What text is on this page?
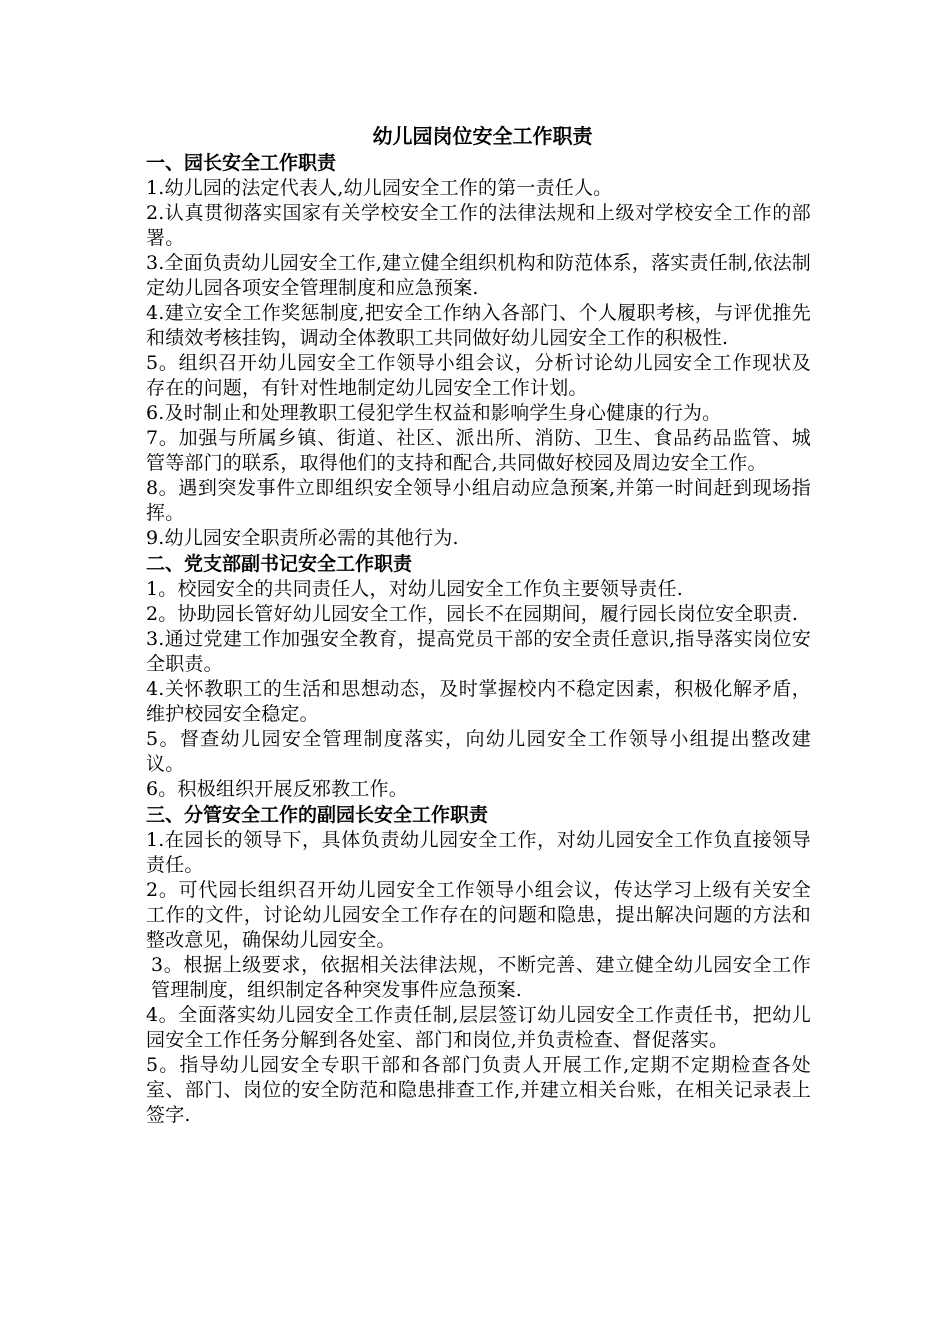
幼儿园岗位安全工作职责
一、园长安全工作职责

1.幼儿园的法定代表人,幼儿园安全工作的第一责任人。

2.认真贯彻落实国家有关学校安全工作的法律法规和上级对学校安全工作的部署。

3.全面负责幼儿园安全工作,建立健全组织机构和防范体系，落实责任制,依法制定幼儿园各项安全管理制度和应急预案.

4.建立安全工作奖惩制度,把安全工作纳入各部门、个人履职考核，与评优推先和绩效考核挂钩，调动全体教职工共同做好幼儿园安全工作的积极性.

5。组织召开幼儿园安全工作领导小组会议，分析讨论幼儿园安全工作现状及存在的问题，有针对性地制定幼儿园安全工作计划。

6.及时制止和处理教职工侵犯学生权益和影响学生身心健康的行为。

7。加强与所属乡镇、街道、社区、派出所、消防、卫生、食品药品监管、城管等部门的联系，取得他们的支持和配合,共同做好校园及周边安全工作。

8。遇到突发事件立即组织安全领导小组启动应急预案,并第一时间赶到现场指挥。

9.幼儿园安全职责所必需的其他行为.

二、党支部副书记安全工作职责

1。校园安全的共同责任人，对幼儿园安全工作负主要领导责任.

2。协助园长管好幼儿园安全工作，园长不在园期间，履行园长岗位安全职责.

3.通过党建工作加强安全教育，提高党员干部的安全责任意识,指导落实岗位安全职责。

4.关怀教职工的生活和思想动态，及时掌握校内不稳定因素，积极化解矛盾，维护校园安全稳定。

5。督查幼儿园安全管理制度落实，向幼儿园安全工作领导小组提出整改建议。

6。积极组织开展反邪教工作。

三、分管安全工作的副园长安全工作职责

1.在园长的领导下，具体负责幼儿园安全工作，对幼儿园安全工作负直接领导责任。

2。可代园长组织召开幼儿园安全工作领导小组会议，传达学习上级有关安全工作的文件，讨论幼儿园安全工作存在的问题和隐患，提出解决问题的方法和整改意见，确保幼儿园安全。

3。根据上级要求，依据相关法律法规，不断完善、建立健全幼儿园安全工作管理制度，组织制定各种突发事件应急预案.

4。全面落实幼儿园安全工作责任制,层层签订幼儿园安全工作责任书，把幼儿园安全工作任务分解到各处室、部门和岗位,并负责检查、督促落实。

5。指导幼儿园安全专职干部和各部门负责人开展工作,定期不定期检查各处室、部门、岗位的安全防范和隐患排查工作,并建立相关台账，在相关记录表上签字.
